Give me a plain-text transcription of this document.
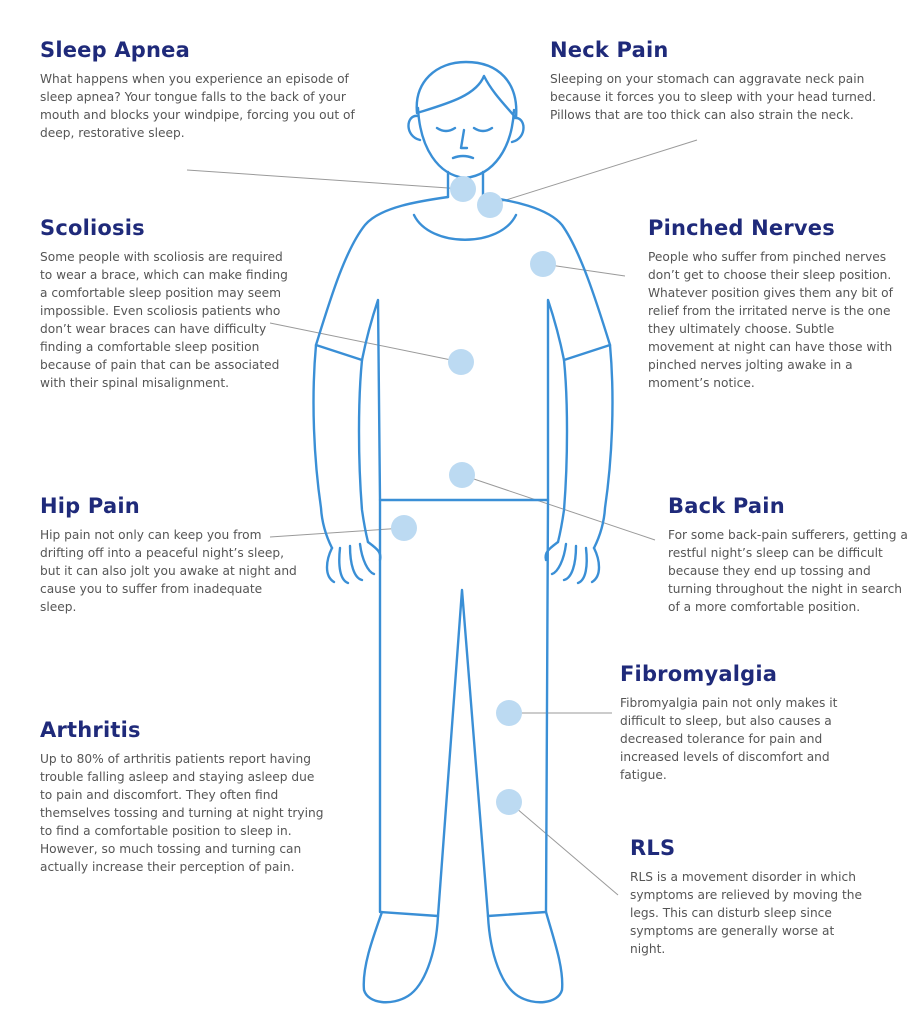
Sleep Apnea

What happens when you experience an episode of sleep apnea? Your tongue falls to the back of your mouth and blocks your windpipe, forcing you out of deep, restorative sleep.

Neck Pain

Sleeping on your stomach can aggravate neck pain because it forces you to sleep with your head turned. Pillows that are too thick can also strain the neck.

Scoliosis

Some people with scoliosis are required to wear a brace, which can make finding a comfortable sleep position may seem impossible. Even scoliosis patients who don’t wear braces can have difficulty finding a comfortable sleep position because of pain that can be associated with their spinal misalignment.

Pinched Nerves

People who suffer from pinched nerves don’t get to choose their sleep position. Whatever position gives them any bit of relief from the irritated nerve is the one they ultimately choose. Subtle movement at night can have those with pinched nerves jolting awake in a moment’s notice.

Hip Pain

Hip pain not only can keep you from drifting off into a peaceful night’s sleep, but it can also jolt you awake at night and cause you to suffer from inadequate sleep.

Back Pain

For some back-pain sufferers, getting a restful night’s sleep can be difficult because they end up tossing and turning throughout the night in search of a more comfortable position.

Fibromyalgia

Fibromyalgia pain not only makes it difficult to sleep, but also causes a decreased tolerance for pain and increased levels of discomfort and fatigue.

Arthritis

Up to 80% of arthritis patients report having trouble falling asleep and staying asleep due to pain and discomfort. They often find themselves tossing and turning at night trying to find a comfortable position to sleep in. However, so much tossing and turning can actually increase their perception of pain.

RLS

RLS is a movement disorder in which symptoms are relieved by moving the legs. This can disturb sleep since symptoms are generally worse at night.
